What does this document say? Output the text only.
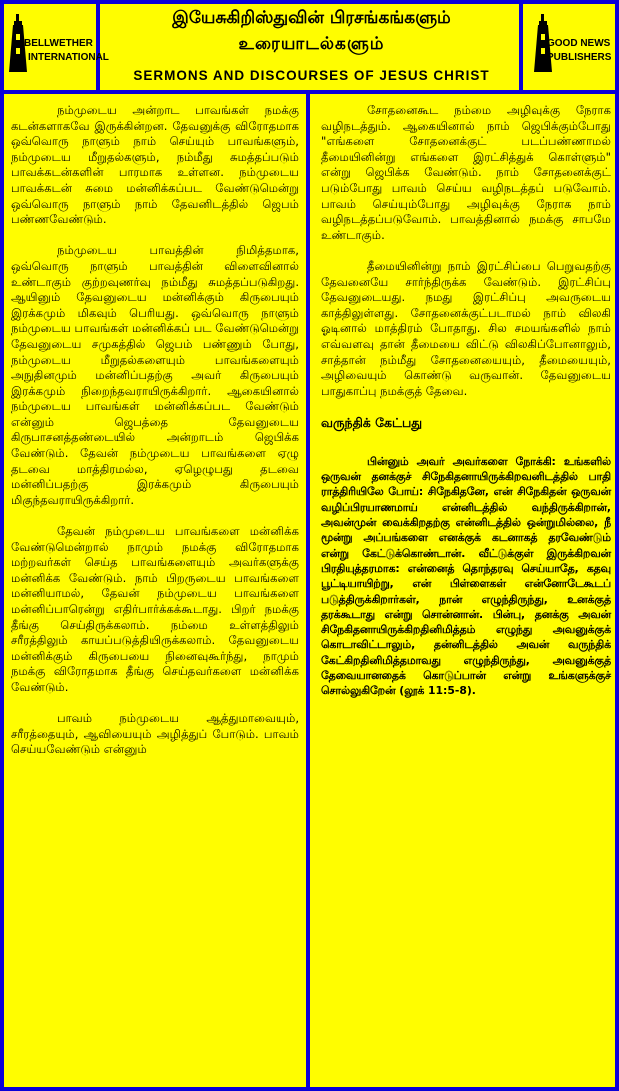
BELLWETHER
INTERNATIONAL
இயேசுகிறிஸ்துவின் பிரசங்கங்களும்
உரையாடல்களும்
SERMONS AND DISCOURSES OF JESUS CHRIST
GOOD NEWS
PUBLISHERS

நம்முடைய அன்றாட பாவங்கள் நமக்கு கடன்களாகவே இருக்கின்றன. தேவனுக்கு விரோதமாக ஒவ்வொரு நாளும் நாம் செய்யும் பாவங்களும், நம்முடைய மீறுதல்களும், நம்மீது சுமத்தப்படும் பாவக்கடன்களின் பாரமாக உள்ளன. நம்முடைய பாவக்கடன் சுமை மன்னிக்கப்பட வேண்டுமென்று ஒவ்வொரு நாளும் நாம் தேவனிடத்தில் ஜெபம் பண்ணவேண்டும்.

நம்முடைய பாவத்தின் நிமித்தமாக, ஒவ்வொரு நாளும் பாவத்தின் விளைவினால் உண்டாகும் குற்றவுணர்வு நம்மீது சுமத்தப்படுகிறது. ஆயினும் தேவனுடைய மன்னிக்கும் கிருபையும் இரக்கமும் மிகவும் பெரியது. ஒவ்வொரு நாளும் நம்முடைய பாவங்கள் மன்னிக்கப் பட வேண்டுமென்று தேவனுடைய சமுகத்தில் ஜெபம் பண்ணும் போது, நம்முடைய மீறுதல்களையும் பாவங்களையும் அநுதினமும் மன்னிப்பதற்கு அவர் கிருபையும் இரக்கமும் நிறைந்தவராயிருக்கிறார். ஆகையினால் நம்முடைய பாவங்கள் மன்னிக்கப்பட வேண்டும் என்னும் ஜெபத்தை தேவனுடைய கிருபாசனத்தண்டையில் அன்றாடம் ஜெபிக்க வேண்டும். தேவன் நம்முடைய பாவங்களை ஏழு தடவை மாத்திரமல்ல, ஏழெழுபது தடவை மன்னிப்பதற்கு இரக்கமும் கிருபையும் மிகுந்தவராயிருக்கிறார்.

தேவன் நம்முடைய பாவங்களை மன்னிக்க வேண்டுமென்றால் நாமும் நமக்கு விரோதமாக மற்றவர்கள் செய்த பாவங்களையும் அவர்களுக்கு மன்னிக்க வேண்டும். நாம் பிறருடைய பாவங்களை மன்னியாமல், தேவன் நம்முடைய பாவங்களை மன்னிப்பாரென்று எதிர்பார்க்கக்கூடாது. பிறர் நமக்கு தீங்கு செய்திருக்கலாம். நம்மை உள்ளத்திலும் சரீரத்திலும் காயப்படுத்தியிருக்கலாம். தேவனுடைய மன்னிக்கும் கிருபையை நினைவுகூர்ந்து, நாமும் நமக்கு விரோதமாக தீங்கு செய்தவர்களை மன்னிக்க வேண்டும்.

பாவம் நம்முடைய ஆத்துமாவையும், சரீரத்தையும், ஆவியையும் அழித்துப் போடும். பாவம் செய்யவேண்டும் என்னும்

சோதனைகூட நம்மை அழிவுக்கு நேராக வழிநடத்தும். ஆகையினால் நாம் ஜெபிக்கும்போது "எங்களை சோதனைக்குட் படப்பண்ணாமல் தீமையினின்று எங்களை இரட்சித்துக் கொள்ளும்" என்று ஜெபிக்க வேண்டும். நாம் சோதனைக்குட் படும்போது பாவம் செய்ய வழிநடத்தப் படுவோம். பாவம் செய்யும்போது அழிவுக்கு நேராக நாம் வழிநடத்தப்படுவோம். பாவத்தினால் நமக்கு சாபமே உண்டாகும்.

தீமையினின்று நாம் இரட்சிப்பை பெறுவதற்கு தேவனையே சார்ந்திருக்க வேண்டும். இரட்சிப்பு தேவனுடையது. நமது இரட்சிப்பு அவருடைய காத்திலுள்ளது. சோதனைக்குட்படாமல் நாம் விலகி ஓடினால் மாத்திரம் போதாது. சில சமயங்களில் நாம் எவ்வளவு தான் தீமையை விட்டு விலகிப்போனாலும், சாத்தான் நம்மீது சோதனையையும், தீமையையும், அழிவையும் கொண்டு வருவான். தேவனுடைய பாதுகாப்பு நமக்குத் தேவை.

வருந்திக் கேட்பது

பின்னும் அவர் அவர்களை நோக்கி: உங்களில் ஒருவன் தனக்குச் சிநேகிதனாயிருக்கிறவனிடத்தில் பாதி ராத்திரியிலே போய்: சிநேகிதனே, என் சிநேகிதன் ஒருவன் வழிப்பிரயாணமாய் என்னிடத்தில் வந்திருக்கிறான், அவன்முன் வைக்கிறதற்கு என்னிடத்தில் ஒன்றுமில்லை, நீ மூன்று அப்பங்களை எனக்குக் கடனாகத் தரவேண்டும் என்று கேட்டுக்கொண்டான். வீட்டுக்குள் இருக்கிறவன் பிரதியுத்தரமாக: என்னைத் தொந்தரவு செய்யாதே, கதவு பூட்டியாயிற்று, என் பிள்ளைகள் என்னோடேகூடப் படுத்திருக்கிறார்கள், நான் எழுந்திருந்து, உனக்குத் தரக்கூடாது என்று சொன்னான். பின்பு, தனக்கு அவன் சிநேகிதனாயிருக்கிறதினிமித்தம் எழுந்து அவனுக்குக் கொடாவிட்டாலும், தன்னிடத்தில் அவன் வருந்திக் கேட்கிறதினிமித்தமாவது எழுந்திருந்து, அவனுக்குத் தேவையானதைக் கொடுப்பான் என்று உங்களுக்குச் சொல்லுகிறேன் (லூக் 11:5-8).
